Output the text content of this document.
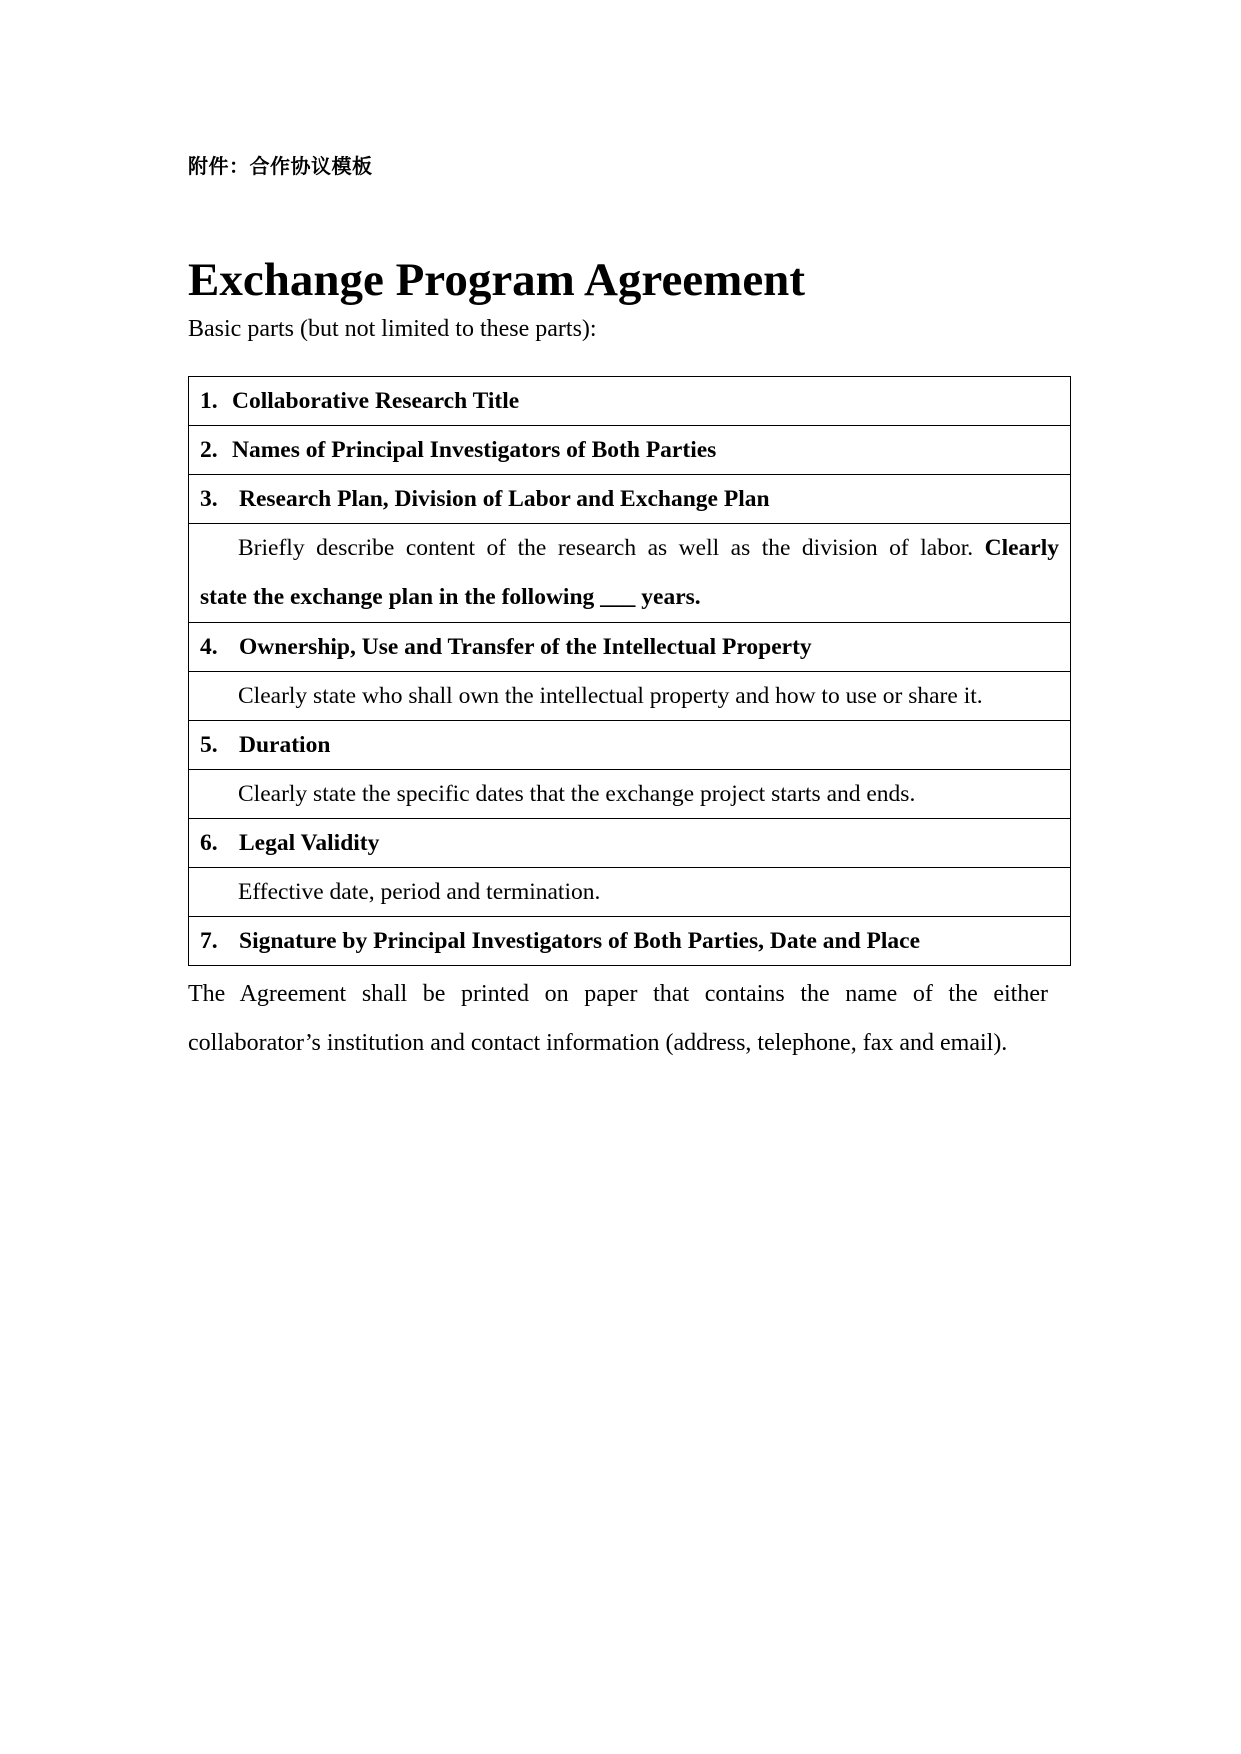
附件：合作协议模板
Exchange Program Agreement
Basic parts (but not limited to these parts):
1. Collaborative Research Title
2. Names of Principal Investigators of Both Parties
3. Research Plan, Division of Labor and Exchange Plan

Briefly describe content of the research as well as the division of labor. Clearly
state the exchange plan in the following ___ years.
4. Ownership, Use and Transfer of the Intellectual Property
Clearly state who shall own the intellectual property and how to use or share it.
5. Duration
Clearly state the specific dates that the exchange project starts and ends.
6. Legal Validity
Effective date, period and termination.
7. Signature by Principal Investigators of Both Parties, Date and Place
The Agreement shall be printed on paper that contains the name of the either
collaborator’s institution and contact information (address, telephone, fax and email).
